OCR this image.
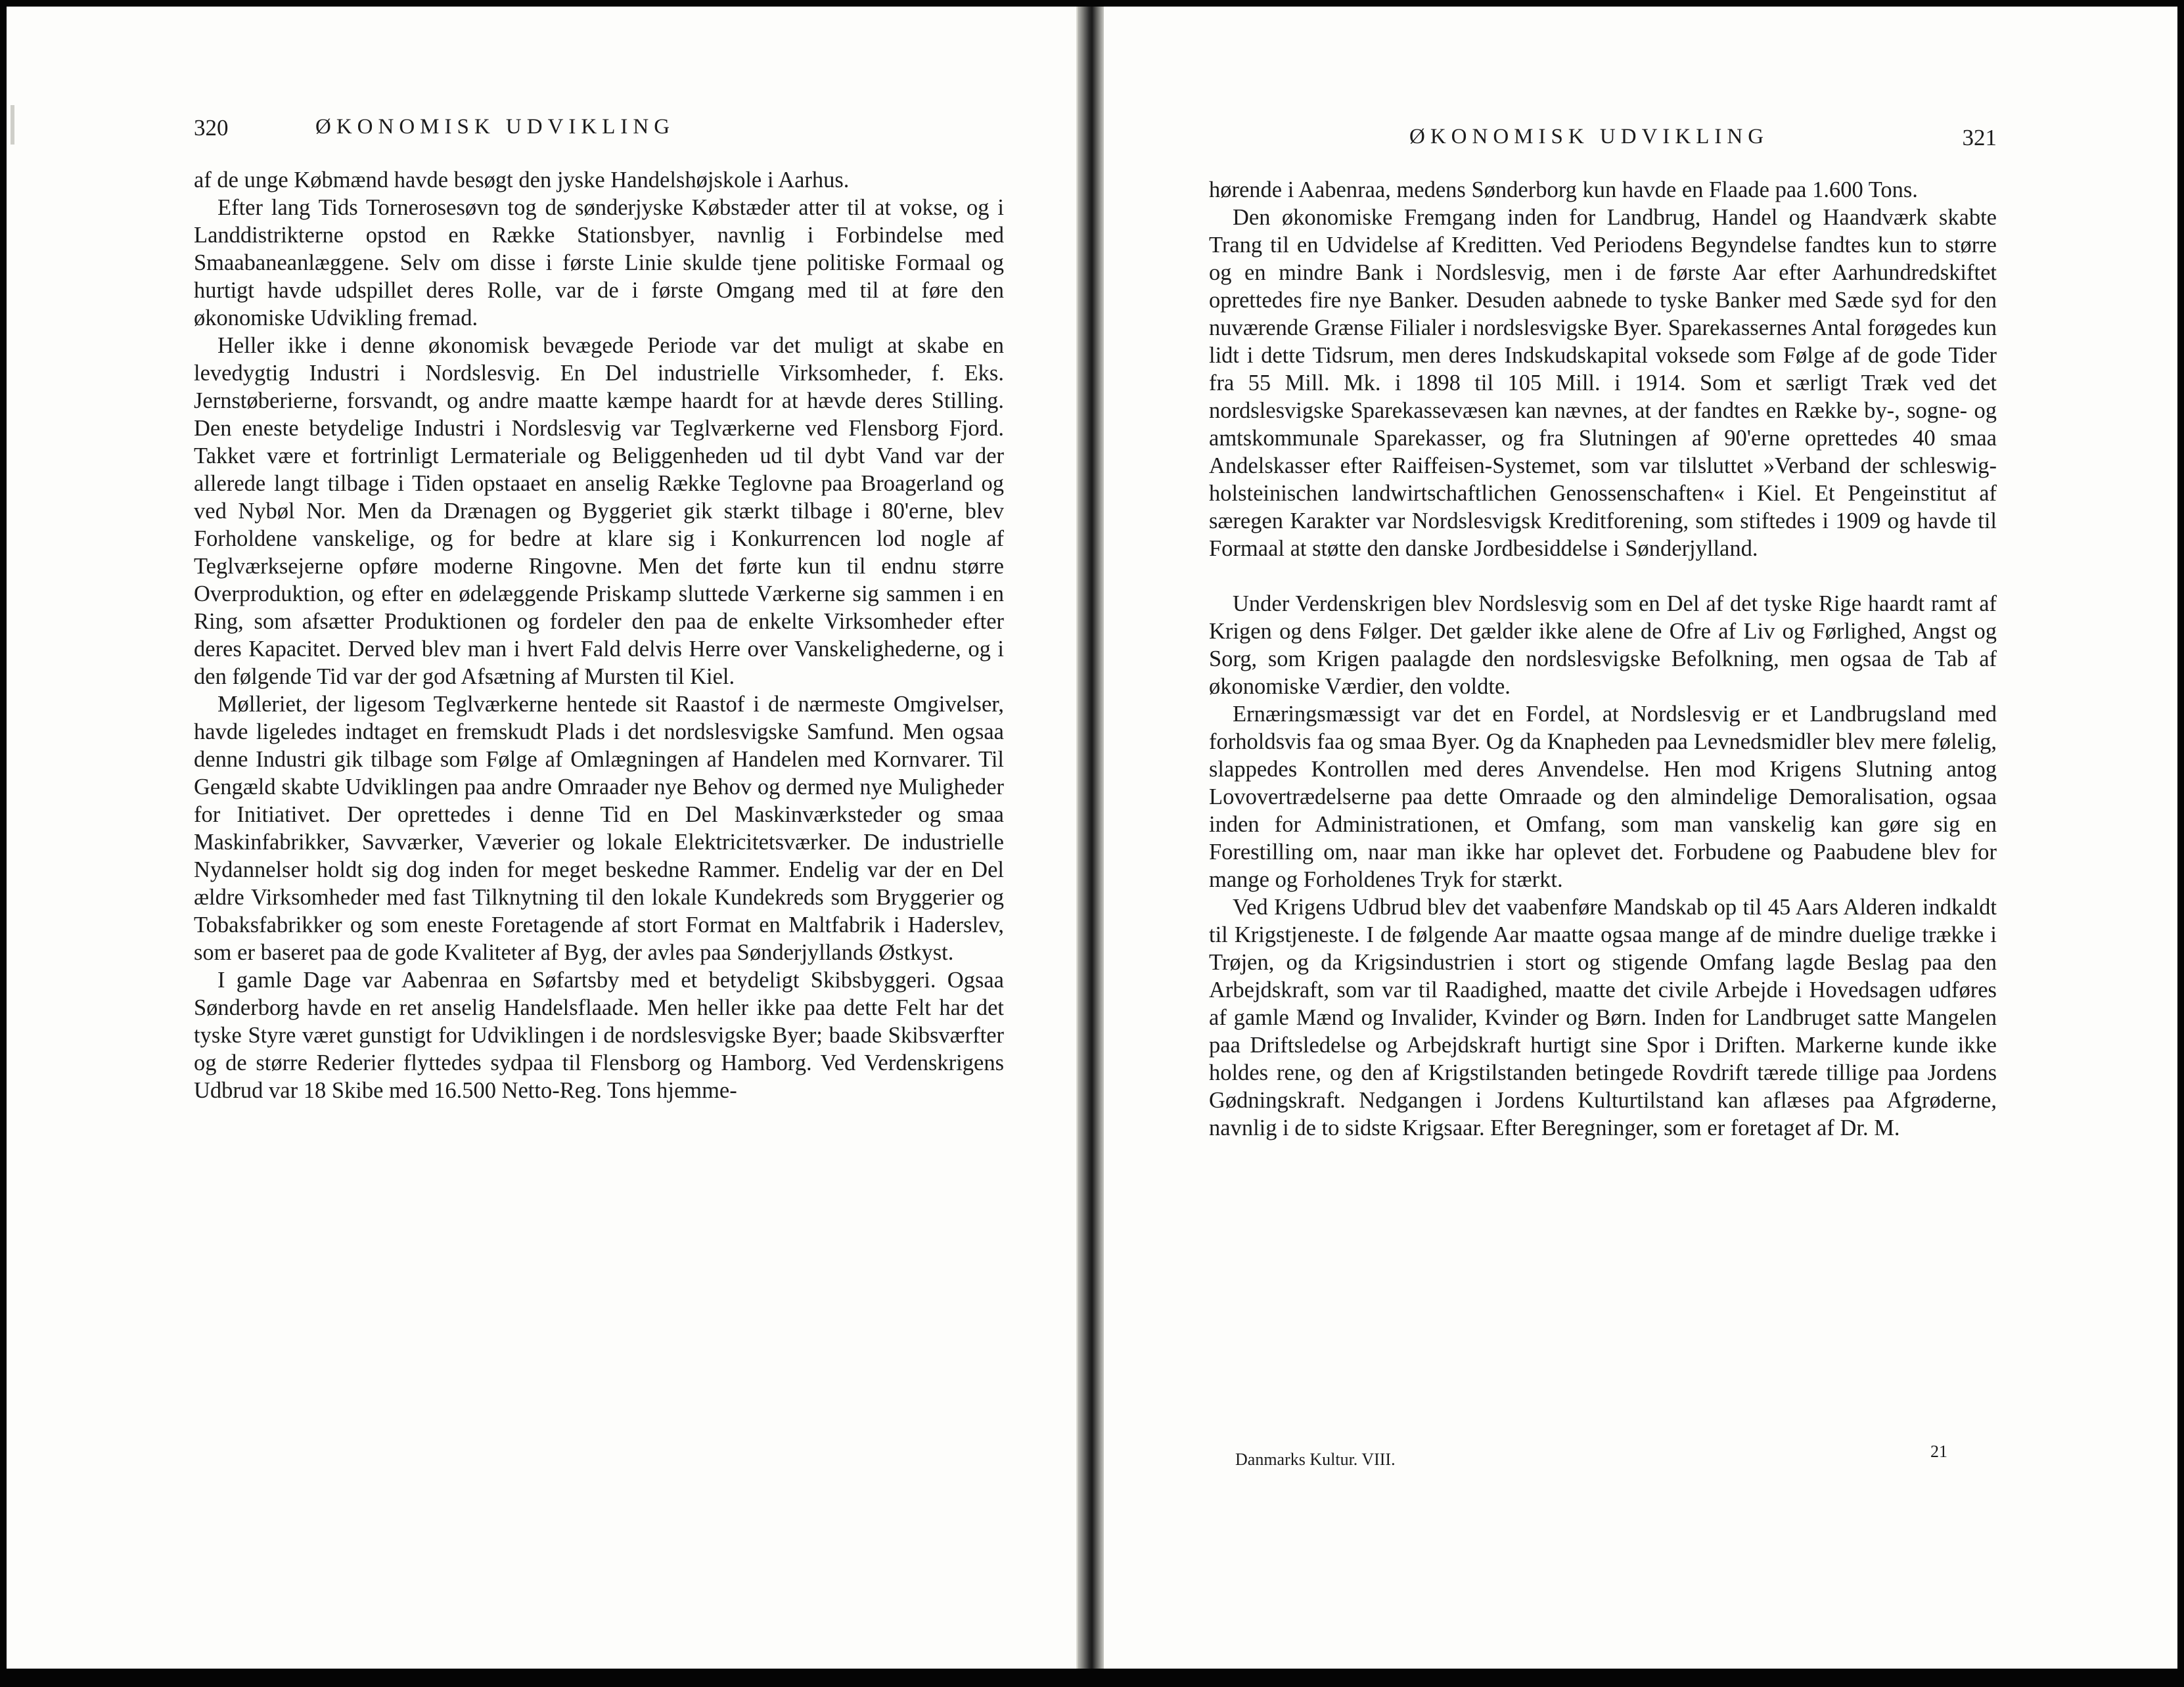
320	ØKONOMISK UDVIKLING

af de unge Købmænd havde besøgt den jyske Handelshøjskole i Aarhus.

Efter lang Tids Tornerosesøvn tog de sønderjyske Købstæder atter til at vokse, og i Landdistrikterne opstod en Række Stationsbyer, navnlig i Forbindelse med Smaabaneanlæggene. Selv om disse i første Linie skulde tjene politiske Formaal og hurtigt havde udspillet deres Rolle, var de i første Omgang med til at føre den økonomiske Udvikling fremad.

Heller ikke i denne økonomisk bevægede Periode var det muligt at skabe en levedygtig Industri i Nordslesvig. En Del industrielle Virksomheder, f. Eks. Jernstøberierne, forsvandt, og andre maatte kæmpe haardt for at hævde deres Stilling. Den eneste betydelige Industri i Nordslesvig var Teglværkerne ved Flensborg Fjord. Takket være et fortrinligt Lermateriale og Beliggenheden ud til dybt Vand var der allerede langt tilbage i Tiden opstaaet en anselig Række Teglovne paa Broagerland og ved Nybøl Nor. Men da Drænagen og Byggeriet gik stærkt tilbage i 80'erne, blev Forholdene vanskelige, og for bedre at klare sig i Konkurrencen lod nogle af Teglværksejerne opføre moderne Ringovne. Men det førte kun til endnu større Overproduktion, og efter en ødelæggende Priskamp sluttede Værkerne sig sammen i en Ring, som afsætter Produktionen og fordeler den paa de enkelte Virksomheder efter deres Kapacitet. Derved blev man i hvert Fald delvis Herre over Vanskelighederne, og i den følgende Tid var der god Afsætning af Mursten til Kiel.

Mølleriet, der ligesom Teglværkerne hentede sit Raastof i de nærmeste Omgivelser, havde ligeledes indtaget en fremskudt Plads i det nordslesvigske Samfund. Men ogsaa denne Industri gik tilbage som Følge af Omlægningen af Handelen med Kornvarer. Til Gengæld skabte Udviklingen paa andre Omraader nye Behov og dermed nye Muligheder for Initiativet. Der oprettedes i denne Tid en Del Maskinværksteder og smaa Maskinfabrikker, Savværker, Væverier og lokale Elektricitetsværker. De industrielle Nydannelser holdt sig dog inden for meget beskedne Rammer. Endelig var der en Del ældre Virksomheder med fast Tilknytning til den lokale Kundekreds som Bryggerier og Tobaksfabrikker og som eneste Foretagende af stort Format en Maltfabrik i Haderslev, som er baseret paa de gode Kvaliteter af Byg, der avles paa Sønderjyllands Østkyst.

I gamle Dage var Aabenraa en Søfartsby med et betydeligt Skibsbyggeri. Ogsaa Sønderborg havde en ret anselig Handelsflaade. Men heller ikke paa dette Felt har det tyske Styre været gunstigt for Udviklingen i de nordslesvigske Byer; baade Skibsværfter og de større Rederier flyttedes sydpaa til Flensborg og Hamborg. Ved Verdenskrigens Udbrud var 18 Skibe med 16.500 Netto-Reg. Tons hjemme-

ØKONOMISK UDVIKLING	321

hørende i Aabenraa, medens Sønderborg kun havde en Flaade paa 1.600 Tons.

Den økonomiske Fremgang inden for Landbrug, Handel og Haandværk skabte Trang til en Udvidelse af Kreditten. Ved Periodens Begyndelse fandtes kun to større og en mindre Bank i Nordslesvig, men i de første Aar efter Aarhundredskiftet oprettedes fire nye Banker. Desuden aabnede to tyske Banker med Sæde syd for den nuværende Grænse Filialer i nordslesvigske Byer. Sparekassernes Antal forøgedes kun lidt i dette Tidsrum, men deres Indskudskapital voksede som Følge af de gode Tider fra 55 Mill. Mk. i 1898 til 105 Mill. i 1914. Som et særligt Træk ved det nordslesvigske Sparekassevæsen kan nævnes, at der fandtes en Række by-, sogne- og amtskommunale Sparekasser, og fra Slutningen af 90'erne oprettedes 40 smaa Andelskasser efter Raiffeisen-Systemet, som var tilsluttet »Verband der schleswig-holsteinischen landwirtschaftlichen Genossenschaften« i Kiel. Et Pengeinstitut af særegen Karakter var Nordslesvigsk Kreditforening, som stiftedes i 1909 og havde til Formaal at støtte den danske Jordbesiddelse i Sønderjylland.

Under Verdenskrigen blev Nordslesvig som en Del af det tyske Rige haardt ramt af Krigen og dens Følger. Det gælder ikke alene de Ofre af Liv og Førlighed, Angst og Sorg, som Krigen paalagde den nordslesvigske Befolkning, men ogsaa de Tab af økonomiske Værdier, den voldte.

Ernæringsmæssigt var det en Fordel, at Nordslesvig er et Landbrugsland med forholdsvis faa og smaa Byer. Og da Knapheden paa Levnedsmidler blev mere følelig, slappedes Kontrollen med deres Anvendelse. Hen mod Krigens Slutning antog Lovovertrædelserne paa dette Omraade og den almindelige Demoralisation, ogsaa inden for Administrationen, et Omfang, som man vanskelig kan gøre sig en Forestilling om, naar man ikke har oplevet det. Forbudene og Paabudene blev for mange og Forholdenes Tryk for stærkt.

Ved Krigens Udbrud blev det vaabenføre Mandskab op til 45 Aars Alderen indkaldt til Krigstjeneste. I de følgende Aar maatte ogsaa mange af de mindre duelige trække i Trøjen, og da Krigsindustrien i stort og stigende Omfang lagde Beslag paa den Arbejdskraft, som var til Raadighed, maatte det civile Arbejde i Hovedsagen udføres af gamle Mænd og Invalider, Kvinder og Børn. Inden for Landbruget satte Mangelen paa Driftsledelse og Arbejdskraft hurtigt sine Spor i Driften. Markerne kunde ikke holdes rene, og den af Krigstilstanden betingede Rovdrift tærede tillige paa Jordens Gødningskraft. Nedgangen i Jordens Kulturtilstand kan aflæses paa Afgrøderne, navnlig i de to sidste Krigsaar. Efter Beregninger, som er foretaget af Dr. M.

Danmarks Kultur. VIII.	21
